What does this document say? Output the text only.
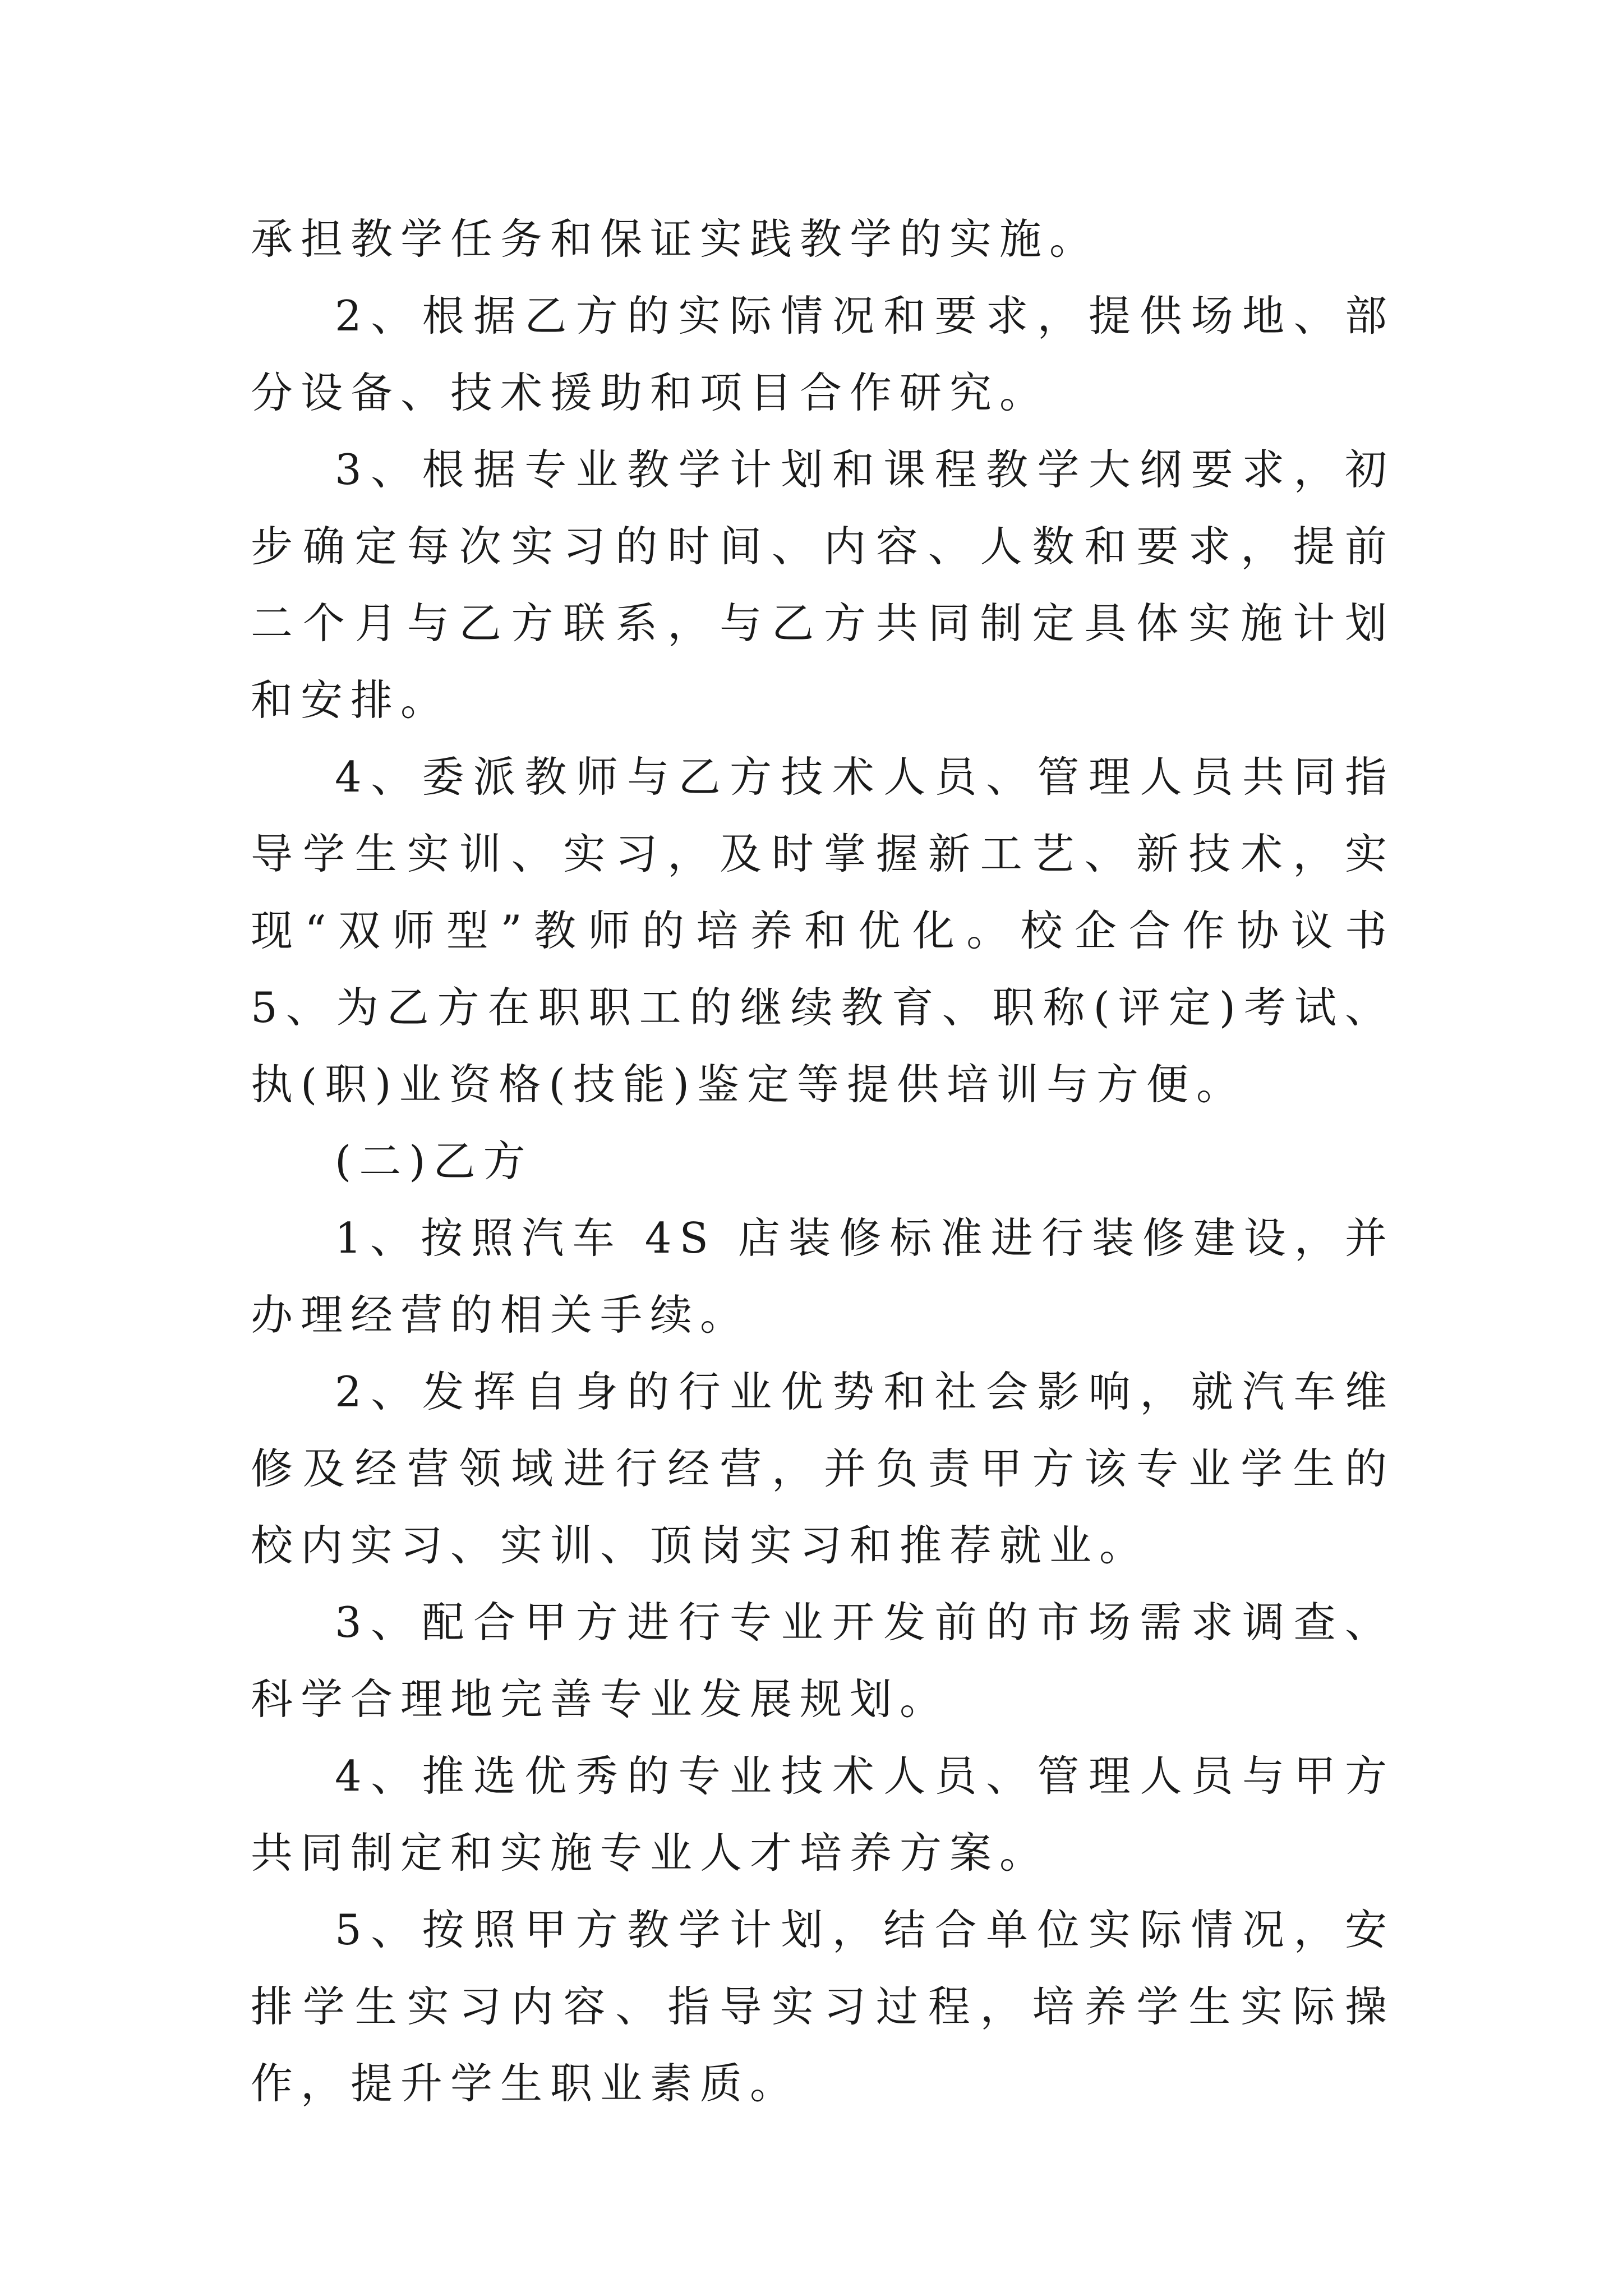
承担教学任务和保证实践教学的实施。

2、根据乙方的实际情况和要求，提供场地、部分设备、技术援助和项目合作研究。

3、根据专业教学计划和课程教学大纲要求，初步确定每次实习的时间、内容、人数和要求，提前二个月与乙方联系，与乙方共同制定具体实施计划和安排。

4、委派教师与乙方技术人员、管理人员共同指导学生实训、实习，及时掌握新工艺、新技术，实现“双师型”教师的培养和优化。校企合作协议书 5、为乙方在职职工的继续教育、职称(评定)考试、执(职)业资格(技能)鉴定等提供培训与方便。

(二)乙方

1、按照汽车 4S 店装修标准进行装修建设，并办理经营的相关手续。

2、发挥自身的行业优势和社会影响，就汽车维修及经营领域进行经营，并负责甲方该专业学生的校内实习、实训、顶岗实习和推荐就业。

3、配合甲方进行专业开发前的市场需求调查、科学合理地完善专业发展规划。

4、推选优秀的专业技术人员、管理人员与甲方共同制定和实施专业人才培养方案。

5、按照甲方教学计划，结合单位实际情况，安排学生实习内容、指导实习过程，培养学生实际操作，提升学生职业素质。
